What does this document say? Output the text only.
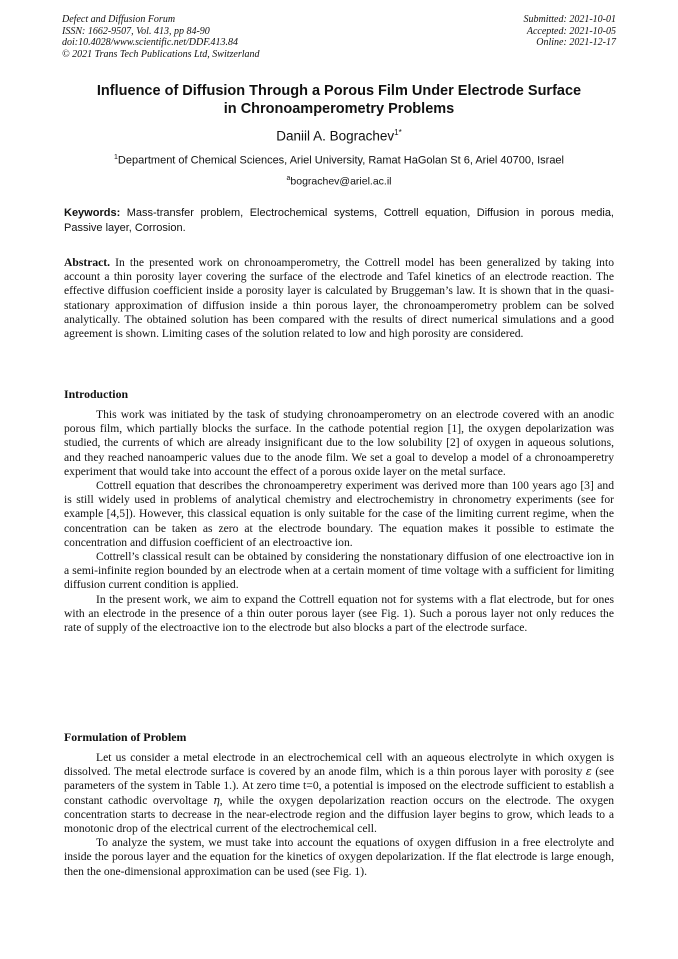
Defect and Diffusion Forum
ISSN: 1662-9507, Vol. 413, pp 84-90
doi:10.4028/www.scientific.net/DDF.413.84
© 2021 Trans Tech Publications Ltd, Switzerland
Submitted: 2021-10-01
Accepted: 2021-10-05
Online: 2021-12-17
Influence of Diffusion Through a Porous Film Under Electrode Surface
in Chronoamperometry Problems
Daniil A. Bograchev$^{1*}$
$^1$Department of Chemical Sciences, Ariel University, Ramat HaGolan St 6, Ariel 40700, Israel
$^a$bograchev@ariel.ac.il
Keywords: Mass-transfer problem, Electrochemical systems, Cottrell equation, Diffusion in porous media, Passive layer, Corrosion.
Abstract. In the presented work on chronoamperometry, the Cottrell model has been generalized by taking into account a thin porosity layer covering the surface of the electrode and Tafel kinetics of an electrode reaction. The effective diffusion coefficient inside a porosity layer is calculated by Bruggeman’s law. It is shown that in the quasi-stationary approximation of diffusion inside a thin porous layer, the chronoamperometry problem can be solved analytically. The obtained solution has been compared with the results of direct numerical simulations and a good agreement is shown. Limiting cases of the solution related to low and high porosity are considered.
Introduction

This work was initiated by the task of studying chronoamperometry on an electrode covered with an anodic porous film, which partially blocks the surface. In the cathode potential region [1], the oxygen depolarization was studied, the currents of which are already insignificant due to the low solubility [2] of oxygen in aqueous solutions, and they reached nanoamperic values due to the anode film. We set a goal to develop a model of a chronoamperetry experiment that would take into account the effect of a porous oxide layer on the metal surface.

Cottrell equation that describes the chronoamperetry experiment was derived more than 100 years ago [3] and is still widely used in problems of analytical chemistry and electrochemistry in chronometry experiments (see for example [4,5]). However, this classical equation is only suitable for the case of the limiting current regime, when the concentration can be taken as zero at the electrode boundary. The equation makes it possible to estimate the concentration and diffusion coefficient of an electroactive ion.

Cottrell’s classical result can be obtained by considering the nonstationary diffusion of one electroactive ion in a semi-infinite region bounded by an electrode when at a certain moment of time voltage with a sufficient for limiting diffusion current condition is applied.

In the present work, we aim to expand the Cottrell equation not for systems with a flat electrode, but for ones with an electrode in the presence of a thin outer porous layer (see Fig. 1). Such a porous layer not only reduces the rate of supply of the electroactive ion to the electrode but also blocks a part of the electrode surface.

Formulation of Problem

Let us consider a metal electrode in an electrochemical cell with an aqueous electrolyte in which oxygen is dissolved. The metal electrode surface is covered by an anode film, which is a thin porous layer with porosity ε (see parameters of the system in Table 1.). At zero time t=0, a potential is imposed on the electrode sufficient to establish a constant cathodic overvoltage η, while the oxygen depolarization reaction occurs on the electrode. The oxygen concentration starts to decrease in the near-electrode region and the diffusion layer begins to grow, which leads to a monotonic drop of the electrical current of the electrochemical cell.

To analyze the system, we must take into account the equations of oxygen diffusion in a free electrolyte and inside the porous layer and the equation for the kinetics of oxygen depolarization. If the flat electrode is large enough, then the one-dimensional approximation can be used (see Fig. 1).
